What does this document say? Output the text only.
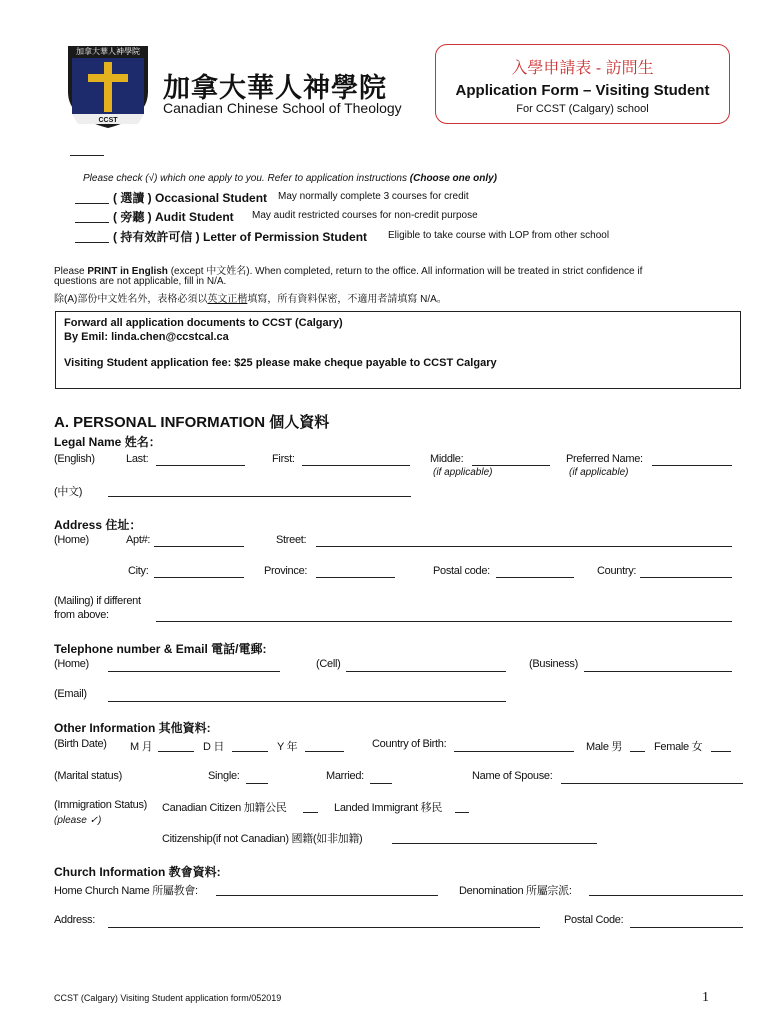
加拿大華人神學院
CCST
加拿大華人神學院
Canadian Chinese School of Theology
入學申請表 - 訪問生
Application Form – Visiting Student
For CCST (Calgary) school
Please check (√) which one apply to you. Refer to application instructions (Choose one only)
( 選讀 ) Occasional Student May normally complete 3 courses for credit
( 旁聽 ) Audit Student May audit restricted courses for non-credit purpose
( 持有效許可信 ) Letter of Permission Student Eligible to take course with LOP from other school
Please PRINT in English (except 中文姓名). When completed, return to the office. All information will be treated in strict confidence if
questions are not applicable, fill in N/A.
除(A)部份中文姓名外，表格必須以英文正楷填寫，所有資料保密，不適用者請填寫 N/A。
Forward all application documents to CCST (Calgary)
By Emil: linda.chen@ccstcal.ca
Visiting Student application fee: $25 please make cheque payable to CCST Calgary
A. PERSONAL INFORMATION 個人資料
Legal Name 姓名：
(English)	Last:	First:	Middle:	Preferred Name:
(if applicable)	(if applicable)
(中文)
Address 住址：
(Home)	Apt#:	Street:
City:	Province:	Postal code:	Country:
(Mailing) if different
from above:
Telephone number & Email 電話/電郵:
(Home)	(Cell)	(Business)
(Email)
Other Information 其他資料:
(Birth Date) M 月	D 日	Y 年	Country of Birth:	Male 男	Female 女
(Marital status)	Single:	Married:	Name of Spouse:
(Immigration Status)
(please ✓)
Canadian Citizen 加籍公民	Landed Immigrant 移民
Citizenship(if not Canadian) 國籍(如非加籍)
Church Information 教會資料:
Home Church Name 所屬教會:	Denomination 所屬宗派:
Address:	Postal Code:
CCST (Calgary) Visiting Student application form/052019	1
